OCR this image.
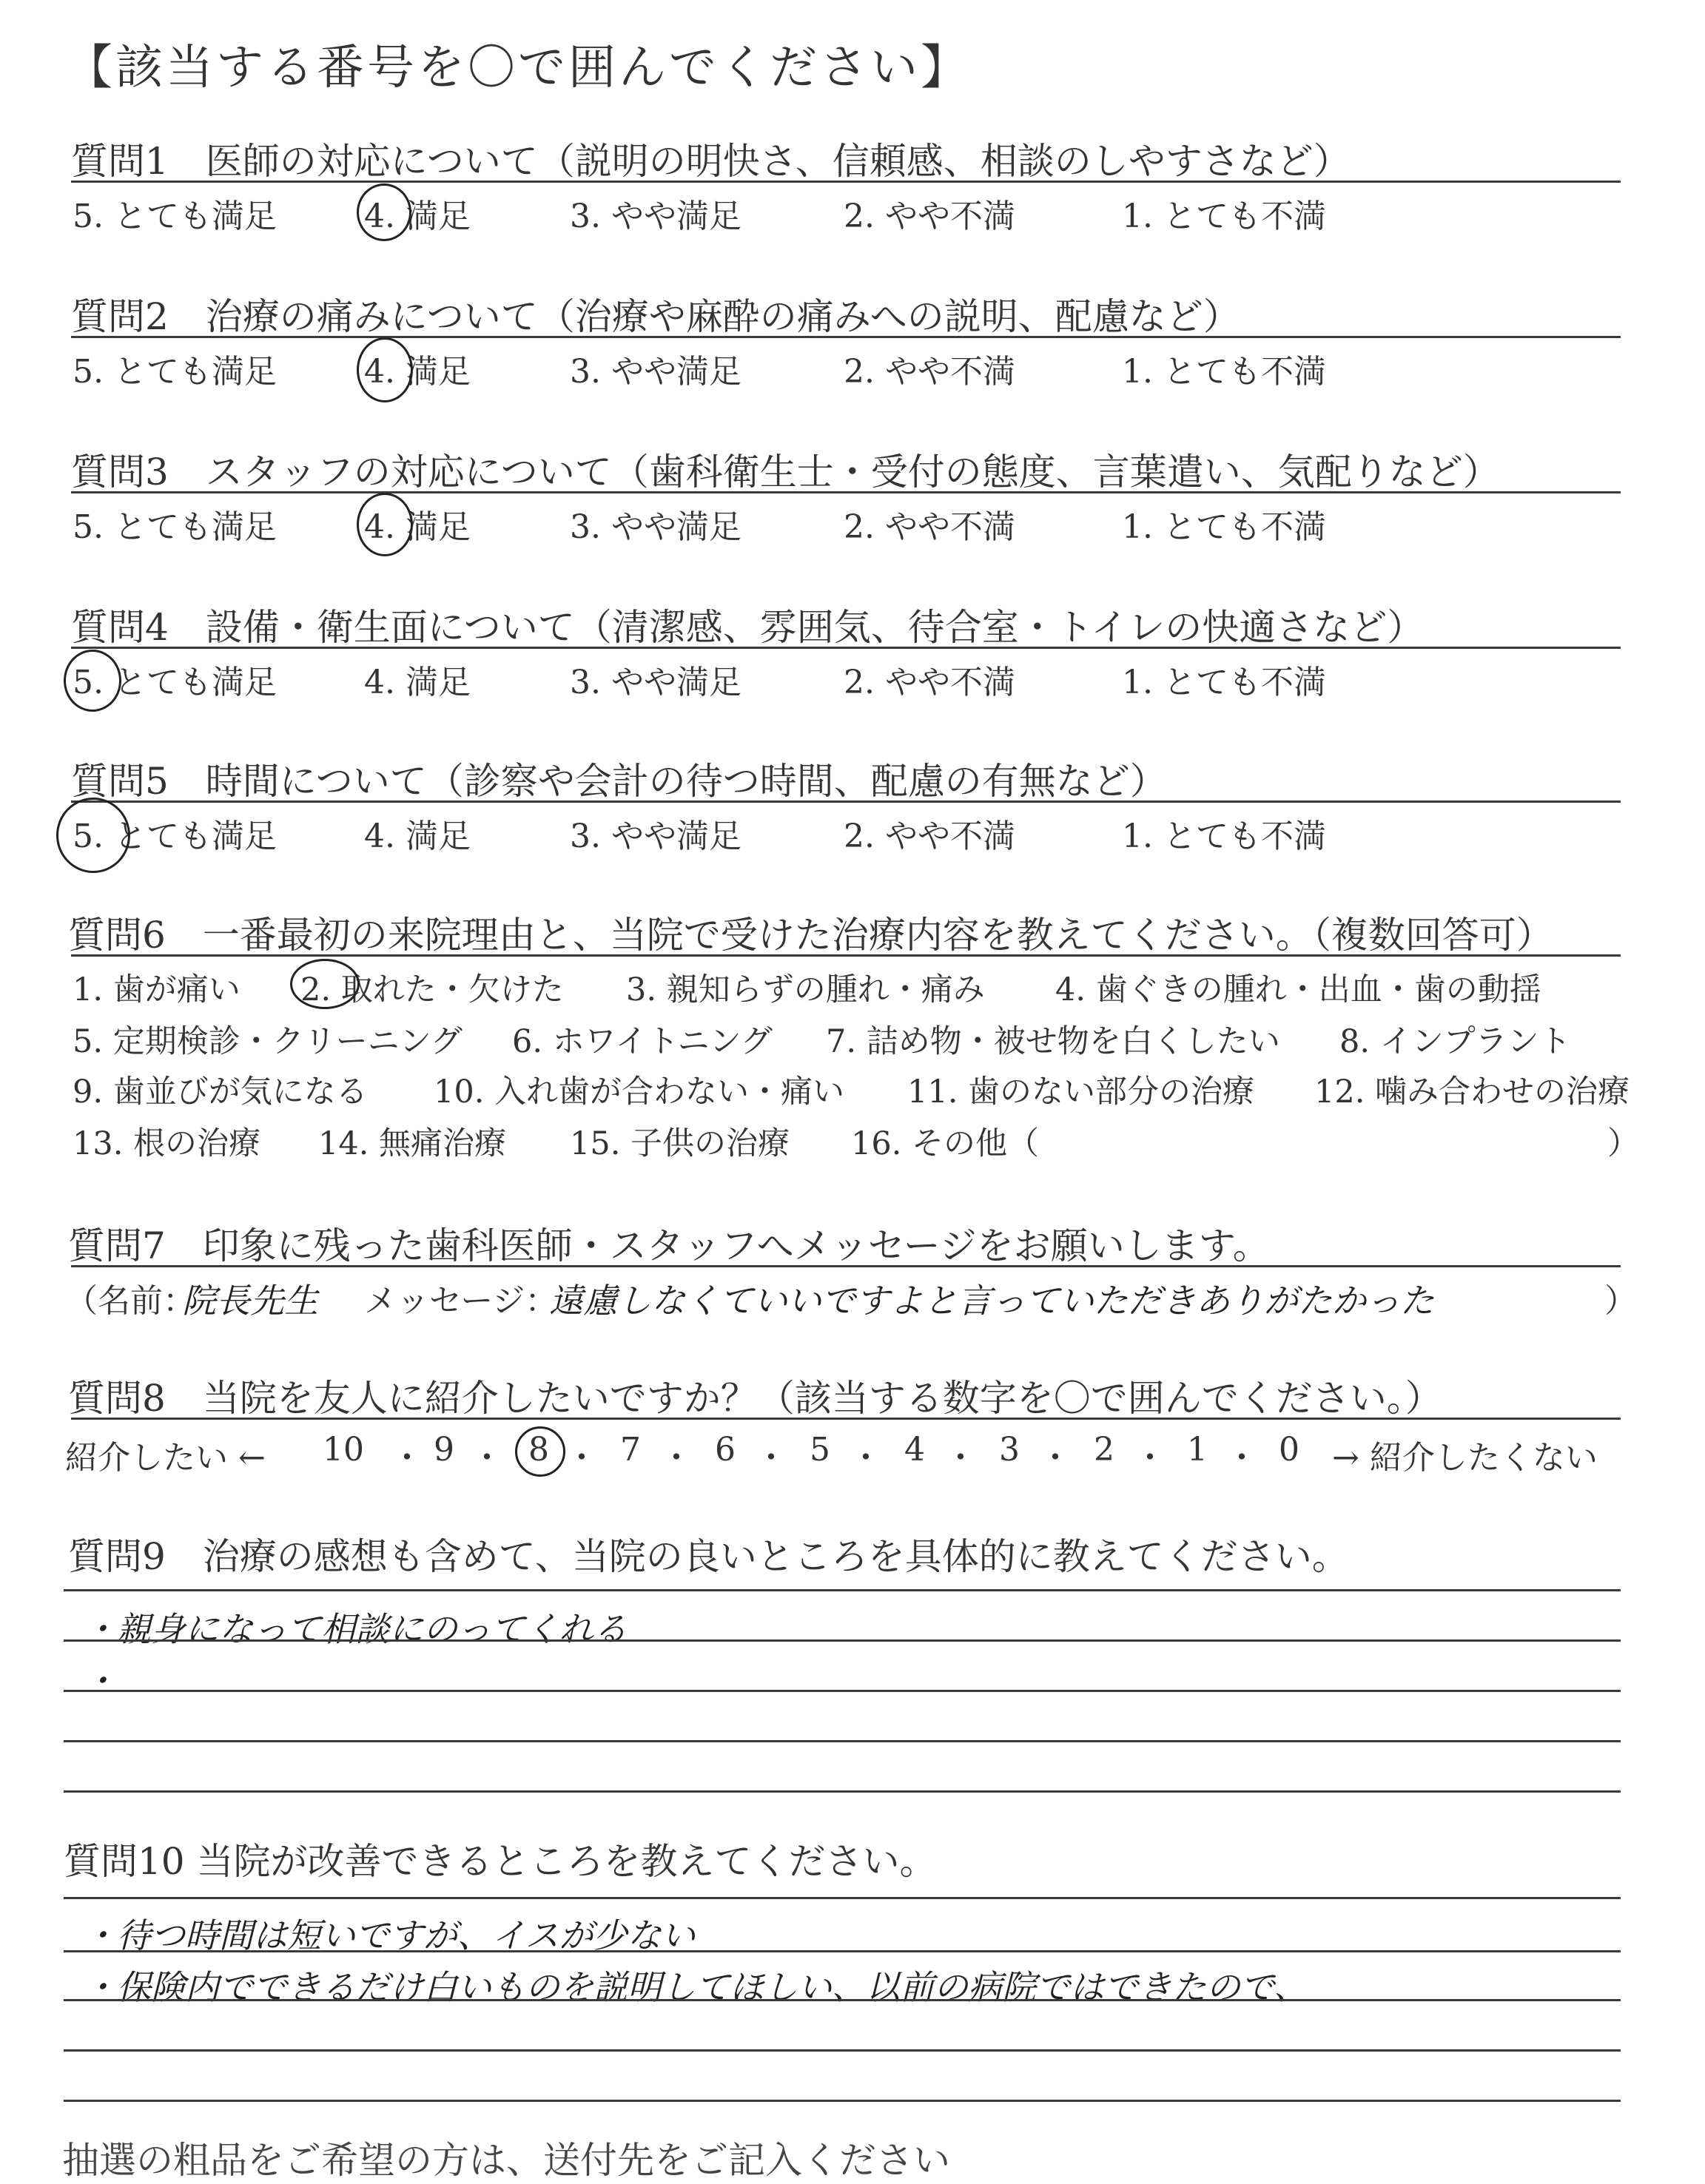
【該当する番号を〇で囲んでください】
質問1　医師の対応について（説明の明快さ、信頼感、相談のしやすさなど）
5. とても満足	4. 満足	3. やや満足	2. やや不満	1. とても不満
質問2　治療の痛みについて（治療や麻酔の痛みへの説明、配慮など）
5. とても満足	4. 満足	3. やや満足	2. やや不満	1. とても不満
質問3　スタッフの対応について（歯科衛生士・受付の態度、言葉遣い、気配りなど）
5. とても満足	4. 満足	3. やや満足	2. やや不満	1. とても不満
質問4　設備・衛生面について（清潔感、雰囲気、待合室・トイレの快適さなど）
5. とても満足	4. 満足	3. やや満足	2. やや不満	1. とても不満
質問5　時間について（診察や会計の待つ時間、配慮の有無など）
5. とても満足	4. 満足	3. やや満足	2. やや不満	1. とても不満
質問6　一番最初の来院理由と、当院で受けた治療内容を教えてください。（複数回答可）
1. 歯が痛い 2. 取れた・欠けた 3. 親知らずの腫れ・痛み 4. 歯ぐきの腫れ・出血・歯の動揺
5. 定期検診・クリーニング 6. ホワイトニング 7. 詰め物・被せ物を白くしたい 8. インプラント
9. 歯並びが気になる 10. 入れ歯が合わない・痛い 11. 歯のない部分の治療 12. 噛み合わせの治療
13. 根の治療 14. 無痛治療 15. 子供の治療 16. その他（	）
質問7　印象に残った歯科医師・スタッフへメッセージをお願いします。
（名前：
院長先生 メッセージ：
遠慮しなくていいですよと言っていただきありがたかった	）
質問8　当院を友人に紹介したいですか？（該当する数字を〇で囲んでください。）
紹介したい ← 10 ・ 9 ・ 8 ・ 7 ・ 6 ・ 5 ・ 4 ・ 3 ・ 2 ・ 1 ・ 0 → 紹介したくない
質問9　治療の感想も含めて、当院の良いところを具体的に教えてください。
・親身になって相談にのってくれる
・
質問10 当院が改善できるところを教えてください。
・待つ時間は短いですが、イスが少ない
・保険内でできるだけ白いものを説明してほしい、以前の病院ではできたので、
抽選の粗品をご希望の方は、送付先をご記入ください
